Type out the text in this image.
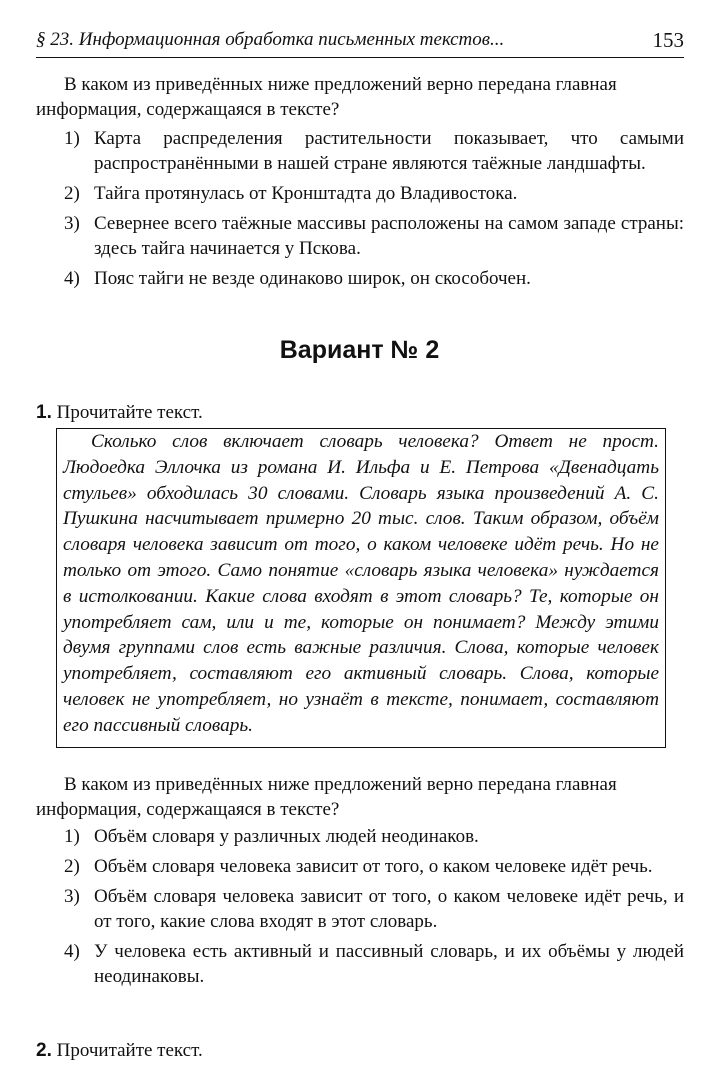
§ 23. Информационная обработка письменных текстов...	153
В каком из приведённых ниже предложений верно передана главная
информация, содержащаяся в тексте?
1) Карта распределения растительности показывает, что самыми распространёнными в нашей стране являются таёжные ландшафты.
2) Тайга протянулась от Кронштадта до Владивостока.
3) Севернее всего таёжные массивы расположены на самом западе страны: здесь тайга начинается у Пскова.
4) Пояс тайги не везде одинаково широк, он скособочен.
Вариант № 2
1. Прочитайте текст.

Сколько слов включает словарь человека? Ответ не прост. Людоедка Эллочка из романа И. Ильфа и Е. Петрова «Двенадцать стульев» обходилась 30 словами. Словарь языка произведений А. С. Пушкина насчитывает примерно 20 тыс. слов. Таким образом, объём словаря человека зависит от того, о каком человеке идёт речь. Но не только от этого. Само понятие «словарь языка человека» нуждается в истолковании. Какие слова входят в этот словарь? Те, которые он употребляет сам, или и те, которые он понимает? Между этими двумя группами слов есть важные различия. Слова, которые человек употребляет, составляют его активный словарь. Слова, которые человек не употребляет, но узнаёт в тексте, понимает, составляют его пассивный словарь.

В каком из приведённых ниже предложений верно передана главная
информация, содержащаяся в тексте?
1) Объём словаря у различных людей неодинаков.
2) Объём словаря человека зависит от того, о каком человеке идёт речь.
3) Объём словаря человека зависит от того, о каком человеке идёт речь, и от того, какие слова входят в этот словарь.
4) У человека есть активный и пассивный словарь, и их объёмы у людей неодинаковы.
2. Прочитайте текст.
